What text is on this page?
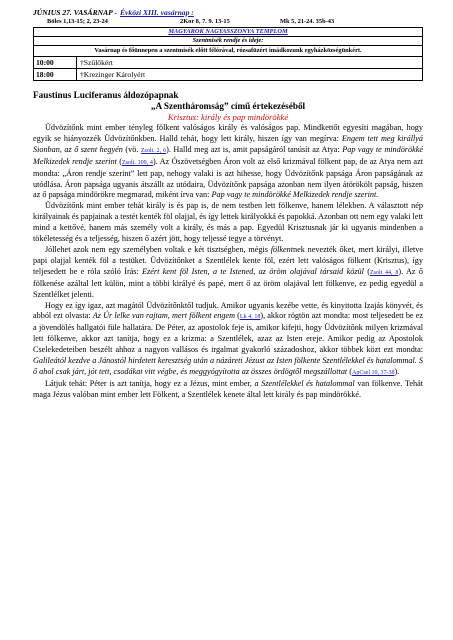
JÚNIUS 27. VASÁRNAP - Évközi XIII. vasárnap :
Böles 1,13-15; 2, 23-24	2Kor 8, 7. 9. 13-15	Mk 5, 21-24. 35b-43
MAGYAROK NAGYASSZONYA TEMPLOM
Szentmisék rendje és ideje:
Vasárnap és főünnepen a szentmisék előtt félórával, rózsafüzért imádkozunk egyházközségünkért.
10:00	†Szülőkért
18:00	†Krezinger Károlyért
Faustinus Luciferanus áldozópapnak
„A Szentháromság” című értekezéséből
Krisztus: király és pap mindörökké

Üdvözítőnk mint ember tényleg fölkent valóságos király és valóságos pap. Mindkettőt egyesíti magában, hogy egyik se hiányozzék Üdvözítőnkben. Halld tehát, hogy lett király, hiszen így van megírva: Engem tett meg királlyá Sionban, az ő szent hegyén (vö. Zsolt. 2, 6). Halld meg azt is, amit papságáról tanúsít az Atya: Pap vagy te mindörökké Melkizedek rendje szerint (Zsolt. 109, 4). Az Ószövetségben Áron volt az első krizmával fölkent pap, de az Atya nem azt mondta: „Áron rendje szerint” lett pap, nehogy valaki is azt hihesse, hogy Üdvözítőnk papsága Áron papságának az utódlása. Áron papsága ugyanis átszállt az utódaira, Üdvözítőnk papsága azonban nem ilyen átörökölt papság, hiszen az ő papsága mindörökre megmarad, miként írva van: Pap vagy te mindörökké Melkizedek rendje szerint.

Üdvözítőnk mint ember tehát király is és pap is, de nem testben lett fölkenve, hanem lélekben. A választott nép királyainak és papjainak a testét kenték föl olajjal, és így lettek királyokká és papokká. Azonban ott nem egy valaki lett mind a kettővé, hanem más személy volt a király, és más a pap. Egyedül Krisztusnak jár ki ugyanis mindenben a tökéletesség és a teljesség, hiszen ő azért jött, hogy teljessé tegye a törvényt.

Jóllehet azok nem egy személyben voltak e két tisztségben, mégis fölkentnek nevezték őket, mert királyi, illetve papi olajjal kenték föl a testüket. Üdvözítőnket a Szentlélek kente föl, ezért lett valóságos fölkent (Krisztus), így teljesedett be e róla szóló Írás: Ezért kent föl Isten, a te Istened, az öröm olajával társaid közül (Zsolt 44, 8). Az ő fölkenése azáltal lett külön, mint a többi királyé és papé, mert ő az öröm olajával lett fölkenve, ez pedig egyedül a Szentlélket jelenti.

Hogy ez így igaz, azt magától Üdvözítőnktől tudjuk. Amikor ugyanis kezébe vette, és kinyitotta Izajás könyvét, és abból ezt olvasta: Az Úr lelke van rajtam, mert fölkent engem (Lk 4, 18), akkor rögtön azt mondta: most teljesedett be ez a jövendölés hallgatói füle hallatára. De Péter, az apostolok feje is, amikor kifejti, hogy Üdvözítőnk milyen krizmával lett fölkenve, akkor azt tanítja, hogy ez a krizma: a Szentlélek, azaz az Isten ereje. Amikor pedig az Apostolok Cselekedeteiben beszélt ahhoz a nagyon vallásos és irgalmat gyakorló századoshoz, akkor többek közt ezt mondta: Galileától kezdve a Jánostól hirdetett keresztség után a názáreti Jézust az Isten fölkente Szentlélekkel és hatalommal. S ő ahol csak járt, jót tett, csodákat vitt végbe, és meggyógyította az összes ördögtől megszállottat (ApCsel 10, 37-38).

Látjuk tehát: Péter is azt tanítja, hogy ez a Jézus, mint ember, a Szentlélekkel és hatalommal van fölkenve. Tehát maga Jézus valóban mint ember lett Fölkent, a Szentlélek kenete által lett király és pap mindörökké.
